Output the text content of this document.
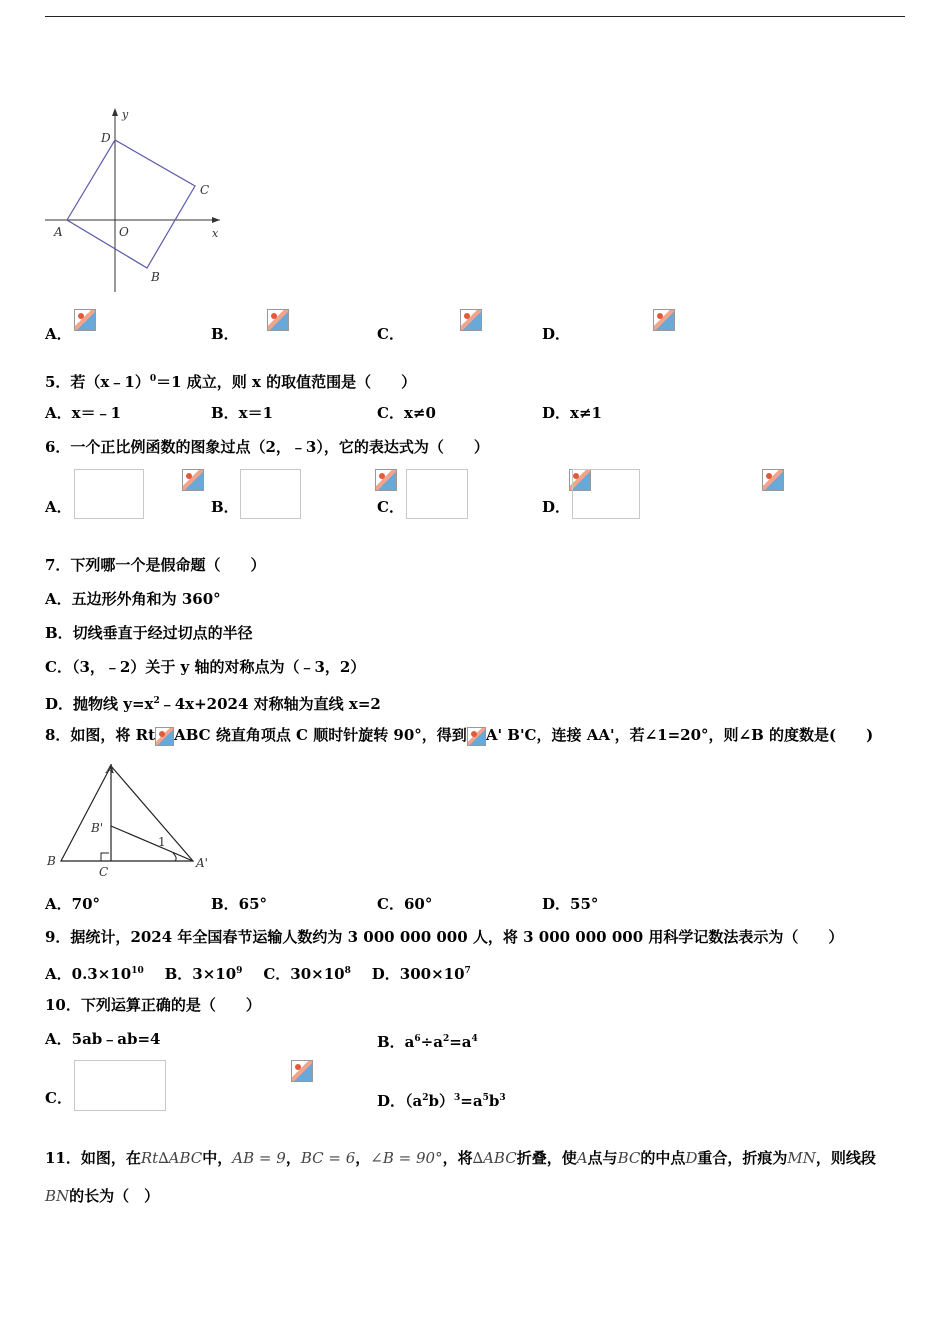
y
x
D
C
A	O
B
A．
	B．
	C．
	D．

5．若（x﹣1）$^0$＝1 成立，则 x 的取值范围是（　　）
A．x＝﹣1	B．x＝1	C．x≠0	D．x≠1
6．一个正比例函数的图象过点（2，﹣3），它的表达式为（　　）
A．
	B．
	C．
	D．

7．下列哪一个是假命题（　　）
A．五边形外角和为 360°
B．切线垂直于经过切点的半径
C．（3，﹣2）关于 y 轴的对称点为（﹣3，2）
D．抛物线 $y=x^2﹣4x+2024$ 对称轴为直线 x=2
8．如图，将 Rt ABC 绕直角项点 C 顺时针旋转 90°，得到 A' B'C，连接 AA'，若∠1=20°，则∠B 的度数是(　　)
A
B'
1
B
C
A'
A．70°	B．65°	C．60°	D．55°
9．据统计，2024 年全国春节运输人数约为 3 000 000 000 人，将 3 000 000 000 用科学记数法表示为（　　）
A．$0.3\times 10^{10}$ B．$3\times 10^9$ C．$30\times 10^8$ D．$300\times 10^7$
10．下列运算正确的是（　　）
A．5ab﹣ab=4	B．$a^6\div a^2=a^4$
C．	D．$(a^2b)^3=a^5b^3$
11．如图，在Rt∆ABC中，AB = 9，BC = 6，∠B = 90°，将∆ABC折叠，使A点与BC的中点D重合，折痕为MN，则线段
BN的长为（　）
